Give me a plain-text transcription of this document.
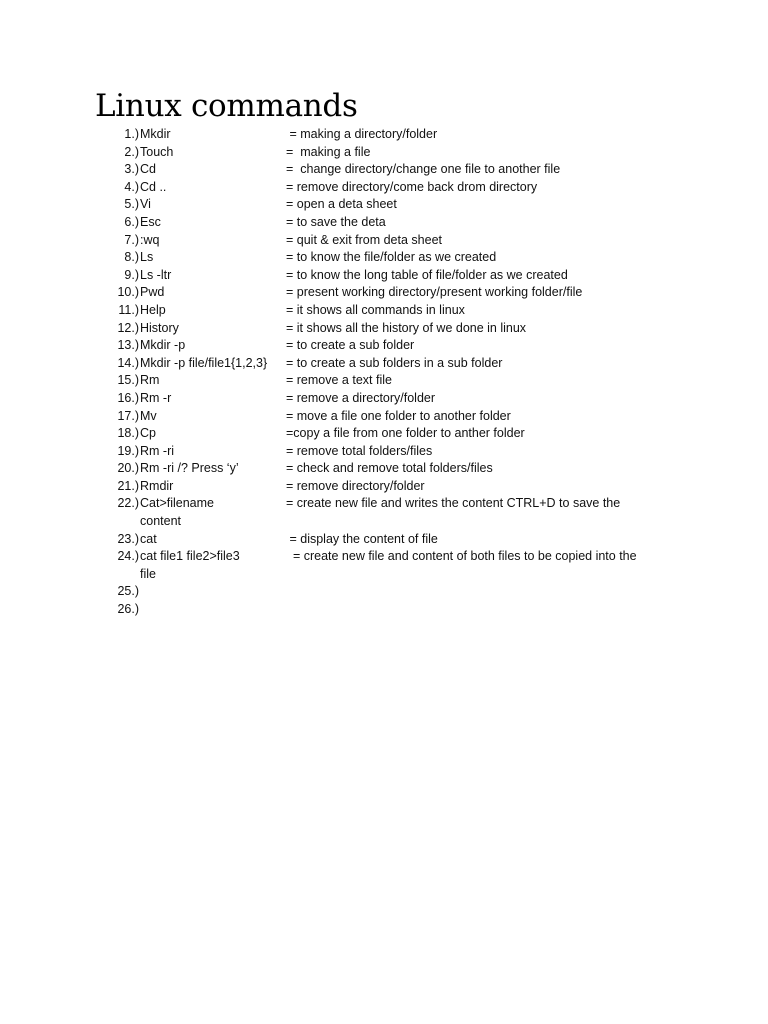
Linux commands
1.) Mkdir	= making a directory/folder
2.) Touch	=  making a file
3.) Cd	=  change directory/change one file to another file
4.) Cd ..	= remove directory/come back drom directory
5.) Vi	= open a deta sheet
6.) Esc	= to save the deta
7.) :wq	= quit & exit from deta sheet
8.) Ls	= to know the file/folder as we created
9.) Ls -ltr	= to know the long table of file/folder as we created
10.) Pwd	= present working directory/present working folder/file
11.) Help	= it shows all commands in linux
12.) History	= it shows all the history of we done in linux
13.) Mkdir -p	= to create a sub folder
14.) Mkdir -p file/file1{1,2,3}	= to create a sub folders in a sub folder
15.) Rm	= remove a text file
16.) Rm -r	= remove a directory/folder
17.) Mv	= move a file one folder to another folder
18.) Cp	=copy a file from one folder to anther folder
19.) Rm -ri	= remove total folders/files
20.) Rm -ri /? Press ‘y’	= check and remove total folders/files
21.) Rmdir	= remove directory/folder
22.) Cat>filename	= create new file and writes the content CTRL+D to save the
content
23.) cat	= display the content of file
24.) cat file1 file2>file3	= create new file and content of both files to be copied into the
file
25.)
26.)
